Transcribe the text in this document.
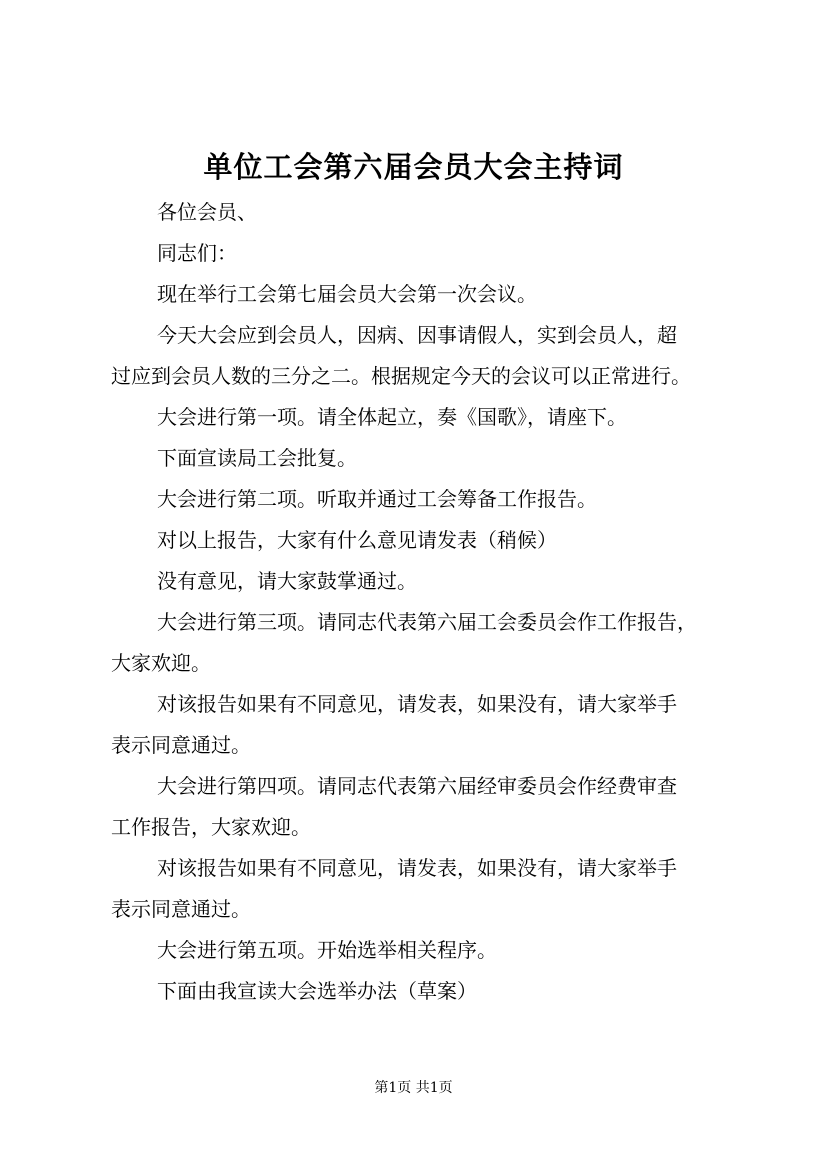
单位工会第六届会员大会主持词

各位会员、

同志们：

现在举行工会第七届会员大会第一次会议。

今天大会应到会员人，因病、因事请假人，实到会员人，超
过应到会员人数的三分之二。根据规定今天的会议可以正常进行。

大会进行第一项。请全体起立，奏《国歌》，请座下。

下面宣读局工会批复。

大会进行第二项。听取并通过工会筹备工作报告。

对以上报告，大家有什么意见请发表（稍候）

没有意见，请大家鼓掌通过。

大会进行第三项。请同志代表第六届工会委员会作工作报告，
大家欢迎。

对该报告如果有不同意见，请发表，如果没有，请大家举手
表示同意通过。

大会进行第四项。请同志代表第六届经审委员会作经费审查
工作报告，大家欢迎。

对该报告如果有不同意见，请发表，如果没有，请大家举手
表示同意通过。

大会进行第五项。开始选举相关程序。

下面由我宣读大会选举办法（草案）

第1页 共1页
